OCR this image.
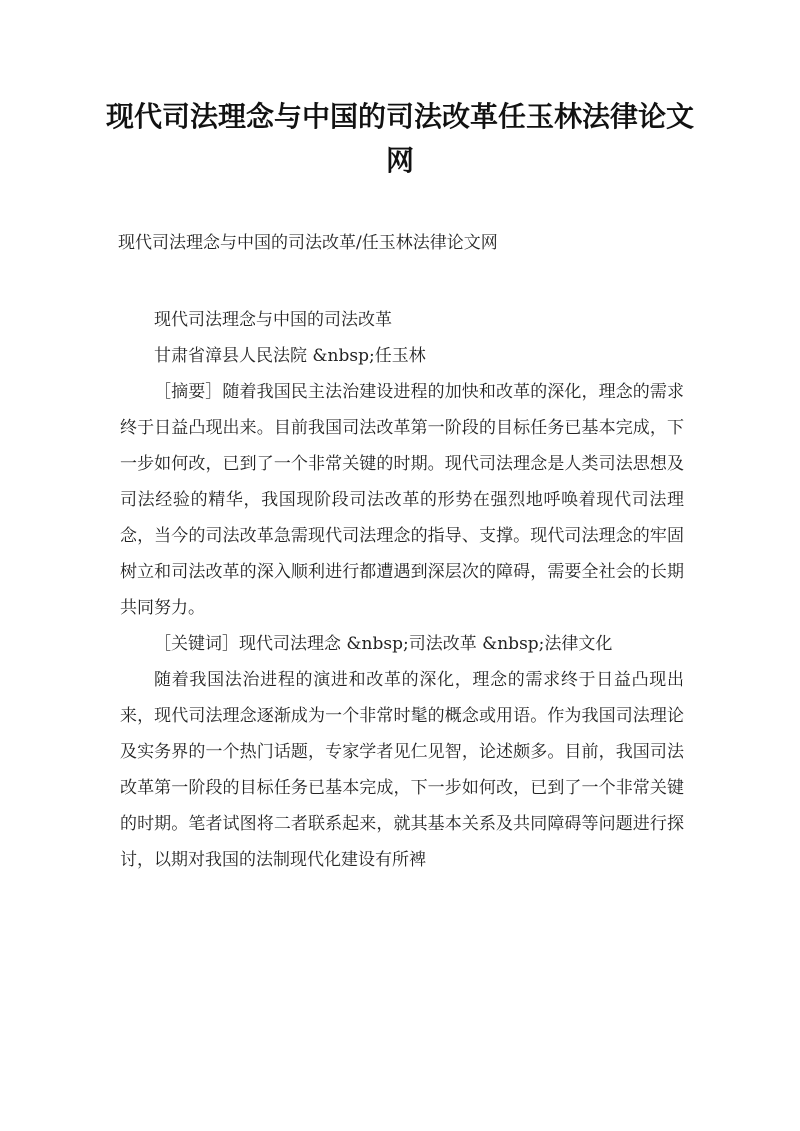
现代司法理念与中国的司法改革任玉林法律论文网

现代司法理念与中国的司法改革/任玉林法律论文网

现代司法理念与中国的司法改革

甘肃省漳县人民法院 &nbsp;任玉林

［摘要］随着我国民主法治建设进程的加快和改革的深化，理念的需求终于日益凸现出来。目前我国司法改革第一阶段的目标任务已基本完成，下一步如何改，已到了一个非常关键的时期。现代司法理念是人类司法思想及司法经验的精华，我国现阶段司法改革的形势在强烈地呼唤着现代司法理念，当今的司法改革急需现代司法理念的指导、支撑。现代司法理念的牢固树立和司法改革的深入顺利进行都遭遇到深层次的障碍，需要全社会的长期共同努力。

［关键词］现代司法理念 &nbsp;司法改革 &nbsp;法律文化

随着我国法治进程的演进和改革的深化，理念的需求终于日益凸现出来，现代司法理念逐渐成为一个非常时髦的概念或用语。作为我国司法理论及实务界的一个热门话题，专家学者见仁见智，论述颇多。目前，我国司法改革第一阶段的目标任务已基本完成，下一步如何改，已到了一个非常关键的时期。笔者试图将二者联系起来，就其基本关系及共同障碍等问题进行探讨，以期对我国的法制现代化建设有所裨
